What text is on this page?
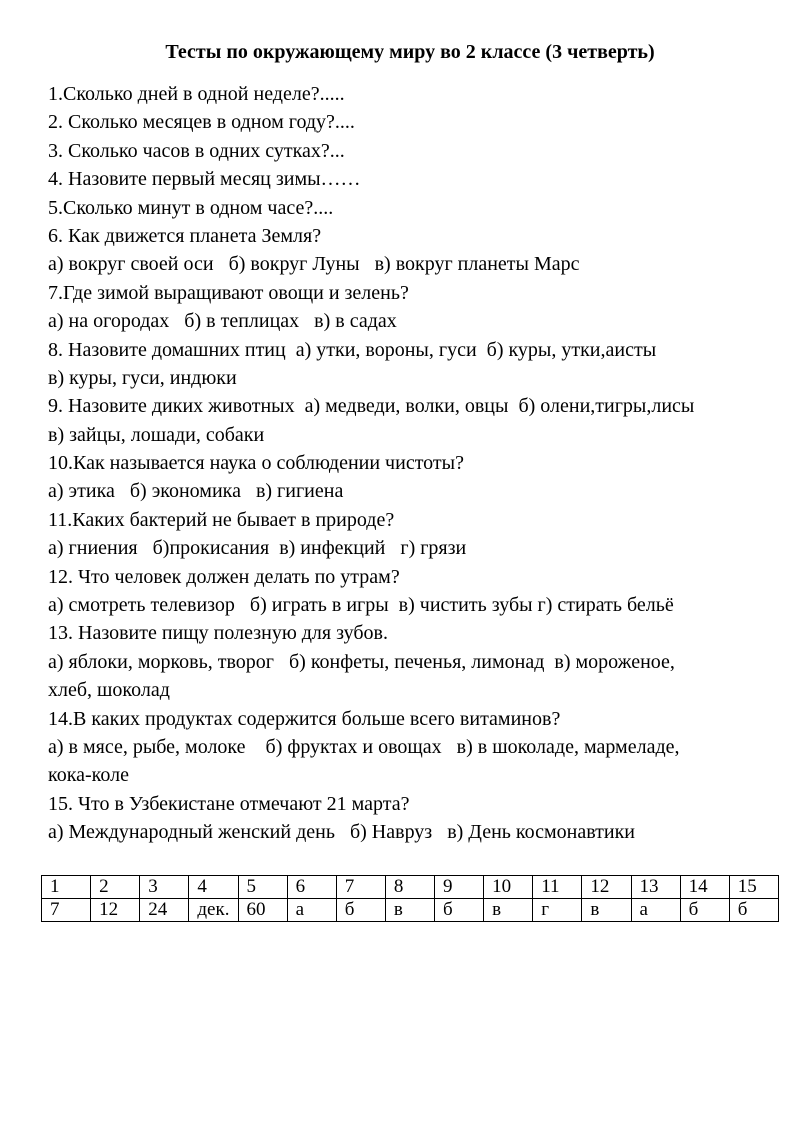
Тесты по окружающему миру во 2 классе (3 четверть)
1.Сколько дней в одной неделе?.....
2. Сколько месяцев в одном году?....
3. Сколько часов в одних сутках?...
4. Назовите первый месяц зимы……
5.Сколько минут в одном часе?....
6. Как движется планета Земля?
а) вокруг своей оси   б) вокруг Луны   в) вокруг планеты Марс
7.Где зимой выращивают овощи и зелень?
а) на огородах   б) в теплицах   в) в садах
8. Назовите домашних птиц  а) утки, вороны, гуси  б) куры, утки,аисты
в) куры, гуси, индюки
9. Назовите диких животных  а) медведи, волки, овцы  б) олени,тигры,лисы
в) зайцы, лошади, собаки
10.Как называется наука о соблюдении чистоты?
а) этика   б) экономика   в) гигиена
11.Каких бактерий не бывает в природе?
а) гниения   б)прокисания  в) инфекций   г) грязи
12. Что человек должен делать по утрам?
а) смотреть телевизор   б) играть в игры  в) чистить зубы г) стирать бельё
13. Назовите пищу полезную для зубов.
а) яблоки, морковь, творог   б) конфеты, печенья, лимонад  в) мороженое,
хлеб, шоколад
14.В каких продуктах содержится больше всего витаминов?
а) в мясе, рыбе, молоке    б) фруктах и овощах   в) в шоколаде, мармеладе,
кока-коле
15. Что в Узбекистане отмечают 21 марта?
а) Международный женский день   б) Навруз   в) День космонавтики
1	2	3	4	5	6	7	8	9	10	11	12	13	14	15
7	12	24	дек.	60	а	б	в	б	в	г	в	а	б	б
